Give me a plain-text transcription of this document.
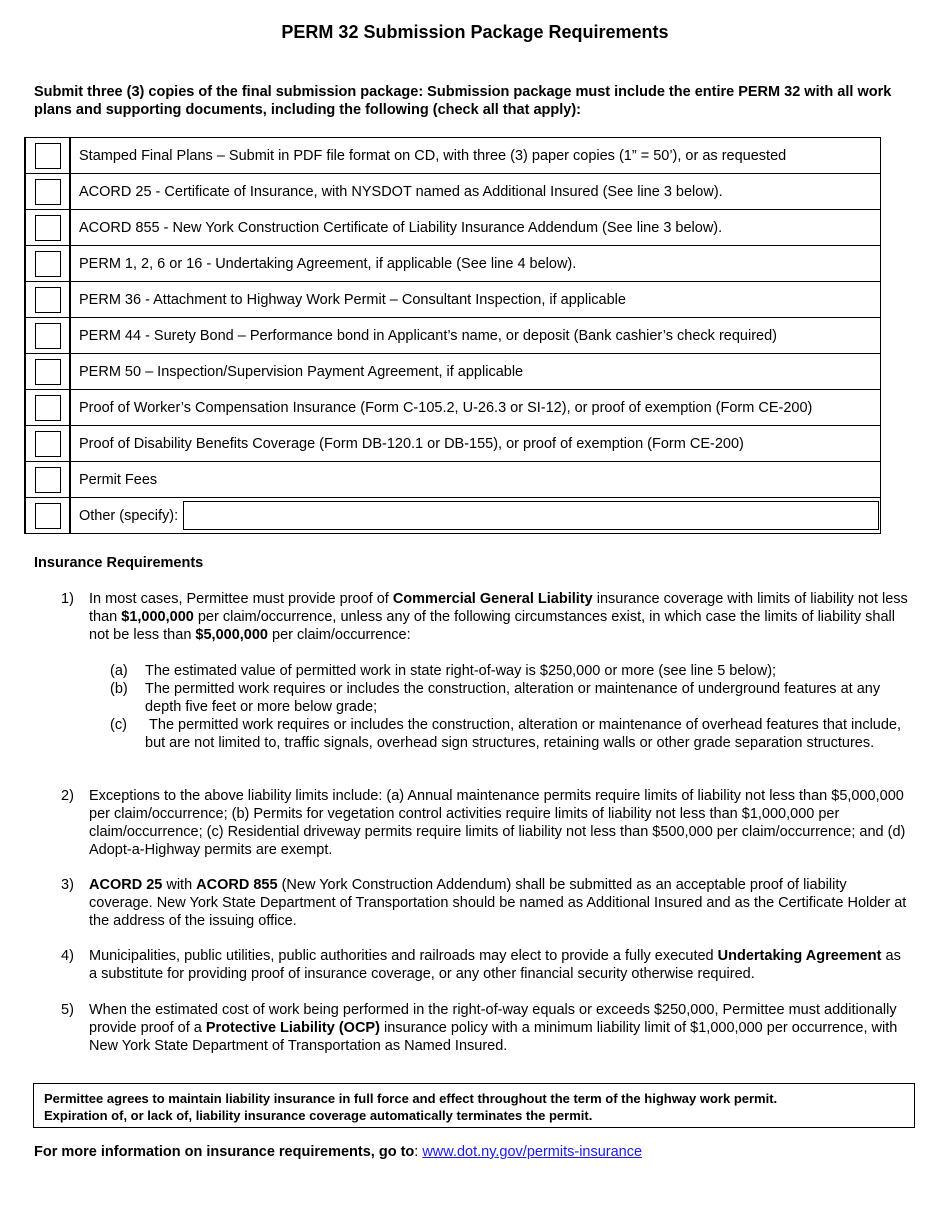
PERM 32 Submission Package Requirements
Submit three (3) copies of the final submission package: Submission package must include the entire PERM 32 with all work plans and supporting documents, including the following (check all that apply):
	Stamped Final Plans – Submit in PDF file format on CD, with three (3) paper copies (1” = 50’), or as requested

	ACORD 25 - Certificate of Insurance, with NYSDOT named as Additional Insured (See line 3 below).

	ACORD 855 - New York Construction Certificate of Liability Insurance Addendum (See line 3 below).

	PERM 1, 2, 6 or 16 - Undertaking Agreement, if applicable (See line 4 below).

	PERM 36 - Attachment to Highway Work Permit – Consultant Inspection, if applicable

	PERM 44 - Surety Bond – Performance bond in Applicant’s name, or deposit (Bank cashier’s check required)

	PERM 50 – Inspection/Supervision Payment Agreement, if applicable

	Proof of Worker’s Compensation Insurance (Form C-105.2, U-26.3 or SI-12), or proof of exemption (Form CE-200)

	Proof of Disability Benefits Coverage (Form DB-120.1 or DB-155), or proof of exemption (Form CE-200)

	Permit Fees

	Other (specify):
Insurance Requirements
1) In most cases, Permittee must provide proof of Commercial General Liability insurance coverage with limits of liability not less than $1,000,000 per claim/occurrence, unless any of the following circumstances exist, in which case the limits of liability shall not be less than $5,000,000 per claim/occurrence:
(a) The estimated value of permitted work in state right-of-way is $250,000 or more (see line 5 below);
(b) The permitted work requires or includes the construction, alteration or maintenance of underground features at any depth five feet or more below grade;
(c) The permitted work requires or includes the construction, alteration or maintenance of overhead features that include, but are not limited to, traffic signals, overhead sign structures, retaining walls or other grade separation structures.
2) Exceptions to the above liability limits include: (a) Annual maintenance permits require limits of liability not less than $5,000,000 per claim/occurrence; (b) Permits for vegetation control activities require limits of liability not less than $1,000,000 per claim/occurrence; (c) Residential driveway permits require limits of liability not less than $500,000 per claim/occurrence; and (d) Adopt-a-Highway permits are exempt.
3) ACORD 25 with ACORD 855 (New York Construction Addendum) shall be submitted as an acceptable proof of liability coverage. New York State Department of Transportation should be named as Additional Insured and as the Certificate Holder at the address of the issuing office.
4) Municipalities, public utilities, public authorities and railroads may elect to provide a fully executed Undertaking Agreement as a substitute for providing proof of insurance coverage, or any other financial security otherwise required.
5) When the estimated cost of work being performed in the right-of-way equals or exceeds $250,000, Permittee must additionally provide proof of a Protective Liability (OCP) insurance policy with a minimum liability limit of $1,000,000 per occurrence, with New York State Department of Transportation as Named Insured.
Permittee agrees to maintain liability insurance in full force and effect throughout the term of the highway work permit.
Expiration of, or lack of, liability insurance coverage automatically terminates the permit.
For more information on insurance requirements, go to: www.dot.ny.gov/permits-insurance
